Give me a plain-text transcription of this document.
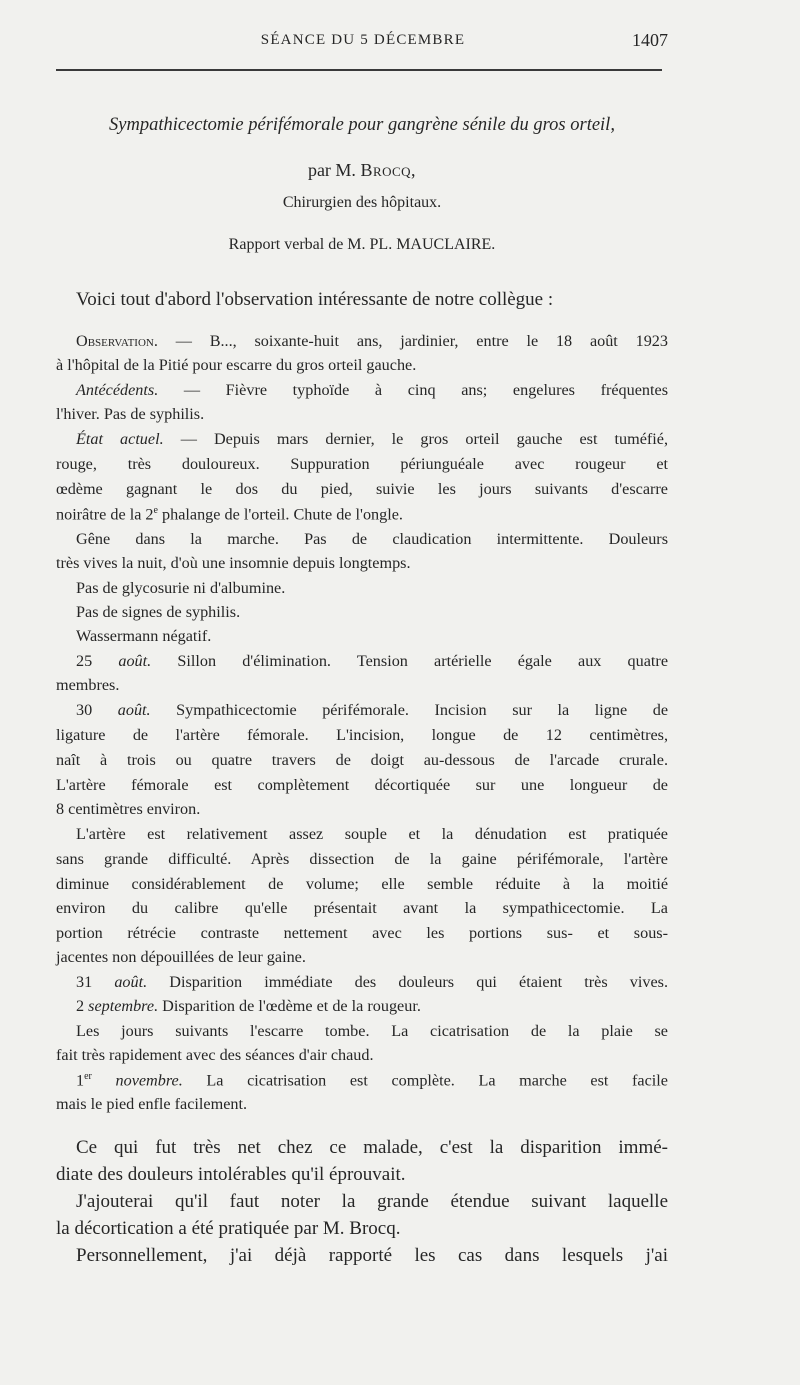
SÉANCE DU 5 DÉCEMBRE	1407
Sympathicectomie périfémorale pour gangrène sénile du gros orteil,
par M. Brocq,
Chirurgien des hôpitaux.
Rapport verbal de M. PL. MAUCLAIRE.
Voici tout d'abord l'observation intéressante de notre collègue :
Observation. — B..., soixante-huit ans, jardinier, entre le 18 août 1923
à l'hôpital de la Pitié pour escarre du gros orteil gauche.
Antécédents. — Fièvre typhoïde à cinq ans; engelures fréquentes
l'hiver. Pas de syphilis.
État actuel. — Depuis mars dernier, le gros orteil gauche est tuméfié,
rouge, très douloureux. Suppuration périunguéale avec rougeur et
œdème gagnant le dos du pied, suivie les jours suivants d'escarre
noirâtre de la 2e phalange de l'orteil. Chute de l'ongle.
Gêne dans la marche. Pas de claudication intermittente. Douleurs
très vives la nuit, d'où une insomnie depuis longtemps.
Pas de glycosurie ni d'albumine.
Pas de signes de syphilis.
Wassermann négatif.
25 août. Sillon d'élimination. Tension artérielle égale aux quatre
membres.
30 août. Sympathicectomie périfémorale. Incision sur la ligne de
ligature de l'artère fémorale. L'incision, longue de 12 centimètres,
naît à trois ou quatre travers de doigt au-dessous de l'arcade crurale.
L'artère fémorale est complètement décortiquée sur une longueur de
8 centimètres environ.
L'artère est relativement assez souple et la dénudation est pratiquée
sans grande difficulté. Après dissection de la gaine périfémorale, l'artère
diminue considérablement de volume; elle semble réduite à la moitié
environ du calibre qu'elle présentait avant la sympathicectomie. La
portion rétrécie contraste nettement avec les portions sus- et sous-
jacentes non dépouillées de leur gaine.
31 août. Disparition immédiate des douleurs qui étaient très vives.
2 septembre. Disparition de l'œdème et de la rougeur.
Les jours suivants l'escarre tombe. La cicatrisation de la plaie se
fait très rapidement avec des séances d'air chaud.
1er novembre. La cicatrisation est complète. La marche est facile
mais le pied enfle facilement.
Ce qui fut très net chez ce malade, c'est la disparition immé-
diate des douleurs intolérables qu'il éprouvait.
J'ajouterai qu'il faut noter la grande étendue suivant laquelle
la décortication a été pratiquée par M. Brocq.
Personnellement, j'ai déjà rapporté les cas dans lesquels j'ai
